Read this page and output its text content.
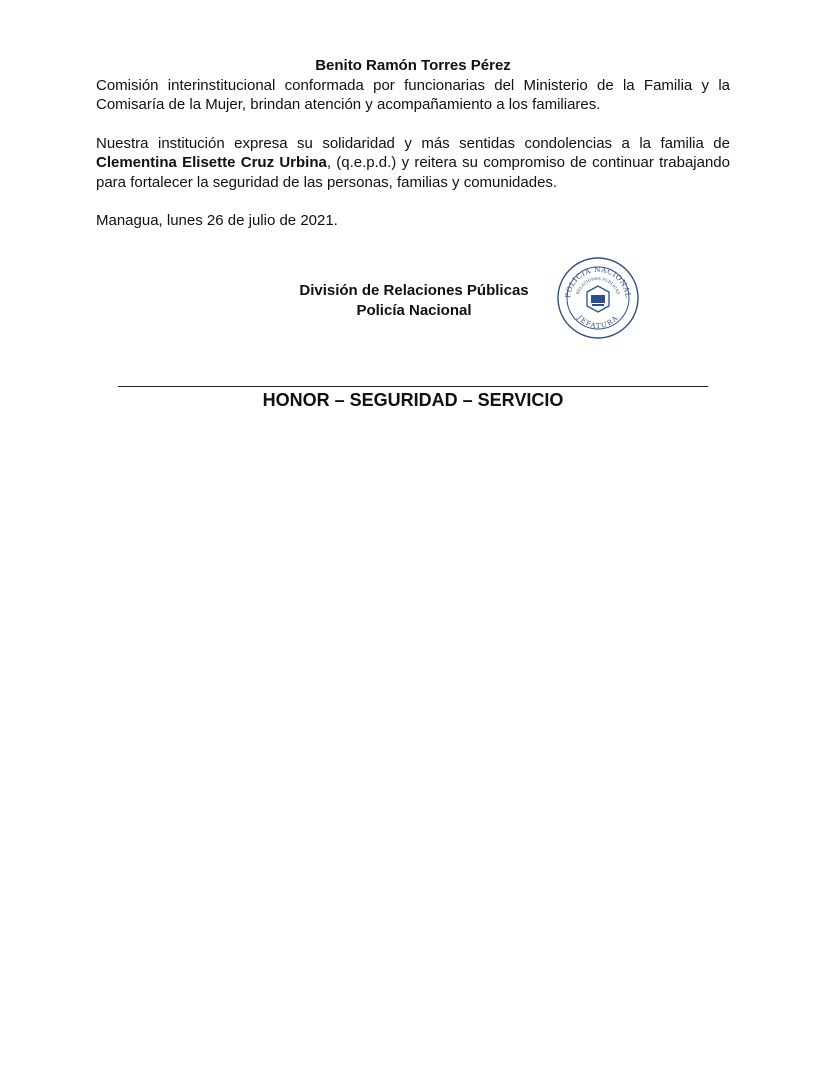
Benito Ramón Torres Pérez

Comisión interinstitucional conformada por funcionarias del Ministerio de la Familia y la Comisaría de la Mujer, brindan atención y acompañamiento a los familiares.

Nuestra institución expresa su solidaridad y más sentidas condolencias a la familia de Clementina Elisette Cruz Urbina, (q.e.p.d.) y reitera su compromiso de continuar trabajando para fortalecer la seguridad de las personas, familias y comunidades.

Managua, lunes 26 de julio de 2021.

División de Relaciones Públicas
Policía Nacional
POLICIA NACIONAL
RELACIONES PUBLICAS
JEFATURA
HONOR – SEGURIDAD – SERVICIO
